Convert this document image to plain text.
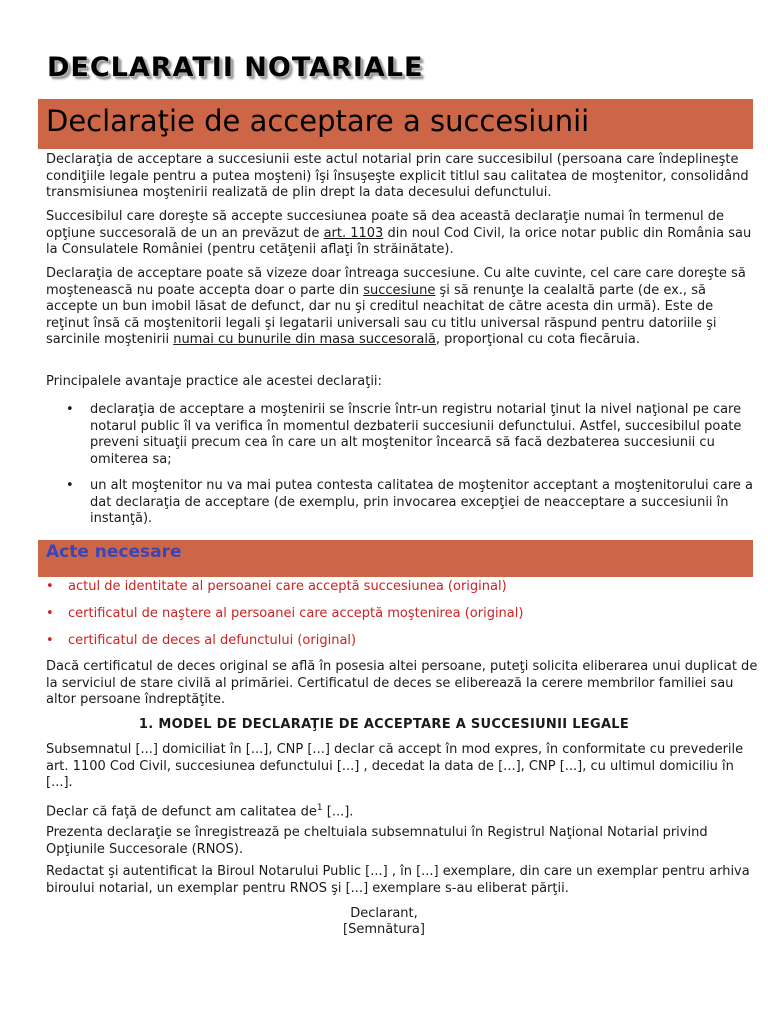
DECLARATII NOTARIALE
Declaraţie de acceptare a succesiunii

Declaraţia de acceptare a succesiunii este actul notarial prin care succesibilul (persoana care îndeplineşte condiţiile legale pentru a putea moşteni) îşi însuşeşte explicit titlul sau calitatea de moştenitor, consolidând transmisiunea moştenirii realizată de plin drept la data decesului defunctului.

Succesibilul care doreşte să accepte succesiunea poate să dea această declaraţie numai în termenul de opţiune succesorală de un an prevăzut de art. 1103 din noul Cod Civil, la orice notar public din România sau la Consulatele României (pentru cetăţenii aflaţi în străinătate).

Declaraţia de acceptare poate să vizeze doar întreaga succesiune. Cu alte cuvinte, cel care care doreşte să moştenească nu poate accepta doar o parte din succesiune şi să renunţe la cealaltă parte (de ex., să accepte un bun imobil lăsat de defunct, dar nu şi creditul neachitat de către acesta din urmă). Este de reţinut însă că moştenitorii legali şi legatarii universali sau cu titlu universal răspund pentru datoriile şi sarcinile moştenirii numai cu bunurile din masa succesorală, proporţional cu cota fiecăruia.

Principalele avantaje practice ale acestei declaraţii:

• declaraţia de acceptare a moştenirii se înscrie într-un registru notarial ţinut la nivel naţional pe care notarul public îl va verifica în momentul dezbaterii succesiunii defunctului. Astfel, succesibilul poate preveni situaţii precum cea în care un alt moştenitor încearcă să facă dezbaterea succesiunii cu omiterea sa;

• un alt moştenitor nu va mai putea contesta calitatea de moştenitor acceptant a moştenitorului care a dat declaraţia de acceptare (de exemplu, prin invocarea excepţiei de neacceptare a succesiunii în instanţă).

Acte necesare
• actul de identitate al persoanei care acceptă succesiunea (original)

• certificatul de naştere al persoanei care acceptă moştenirea (original)

• certificatul de deces al defunctului (original)

Dacă certificatul de deces original se află în posesia altei persoane, puteţi solicita eliberarea unui duplicat de la serviciul de stare civilă al primăriei. Certificatul de deces se eliberează la cerere membrilor familiei sau altor persoane îndreptăţite.

1. MODEL DE DECLARAŢIE DE ACCEPTARE A SUCCESIUNII LEGALE

Subsemnatul [...] domiciliat în [...], CNP [...] declar că accept în mod expres, în conformitate cu prevederile art. 1100 Cod Civil, succesiunea defunctului [...] , decedat la data de [...], CNP [...], cu ultimul domiciliu în [...].

Declar că faţă de defunct am calitatea $de^1$ [...].

Prezenta declaraţie se înregistrează pe cheltuiala subsemnatului în Registrul Naţional Notarial privind Opţiunile Succesorale (RNOS).

Redactat şi autentificat la Biroul Notarului Public [...] , în [...] exemplare, din care un exemplar pentru arhiva biroului notarial, un exemplar pentru RNOS şi [...] exemplare s-au eliberat părţii.

Declarant,
[Semnătura]
